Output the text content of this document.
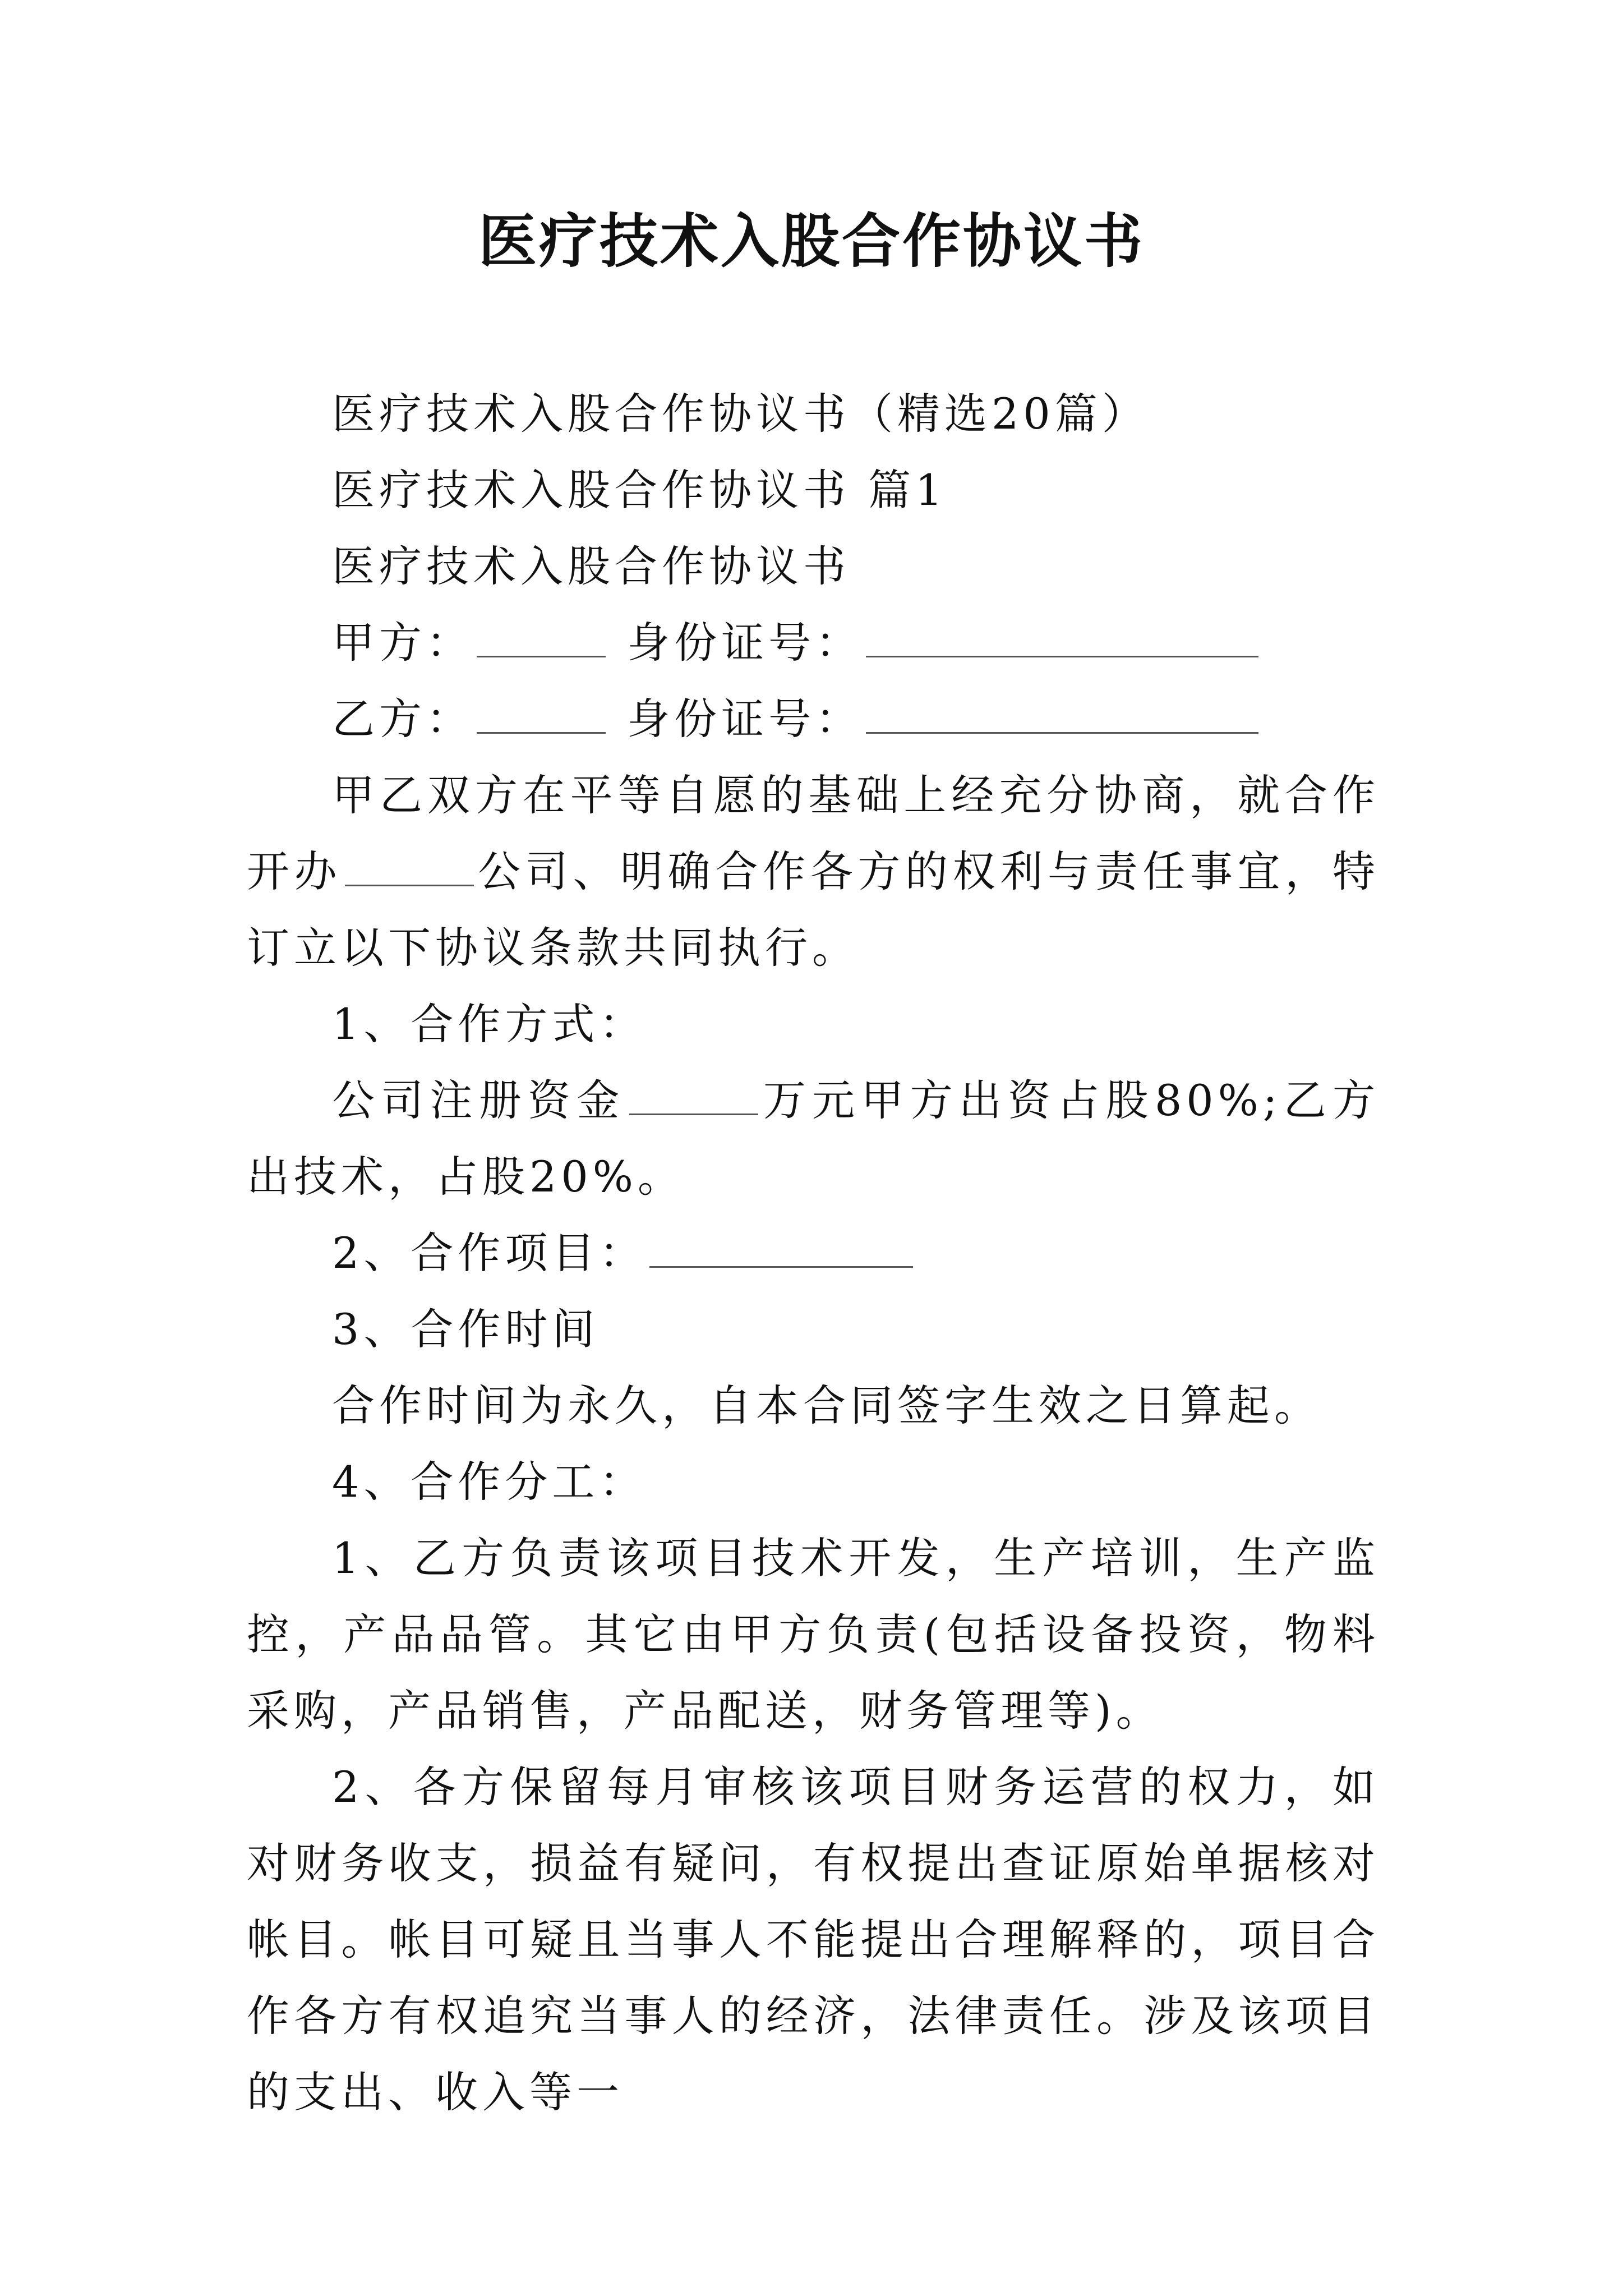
医疗技术入股合作协议书

医疗技术入股合作协议书（精选20篇）

医疗技术入股合作协议书 篇1

医疗技术入股合作协议书

甲方：	身份证号：

乙方：	身份证号：

甲乙双方在平等自愿的基础上经充分协商，就合作开办	公司、明确合作各方的权利与责任事宜，特订立以下协议条款共同执行。

1、合作方式：

公司注册资金	万元甲方出资占股80%;乙方出技术，占股20%。

2、合作项目：

3、合作时间

合作时间为永久，自本合同签字生效之日算起。

4、合作分工：

1、乙方负责该项目技术开发，生产培训，生产监控，产品品管。其它由甲方负责(包括设备投资，物料采购，产品销售，产品配送，财务管理等)。

2、各方保留每月审核该项目财务运营的权力，如对财务收支，损益有疑问，有权提出查证原始单据核对帐目。帐目可疑且当事人不能提出合理解释的，项目合作各方有权追究当事人的经济，法律责任。涉及该项目的支出、收入等一
